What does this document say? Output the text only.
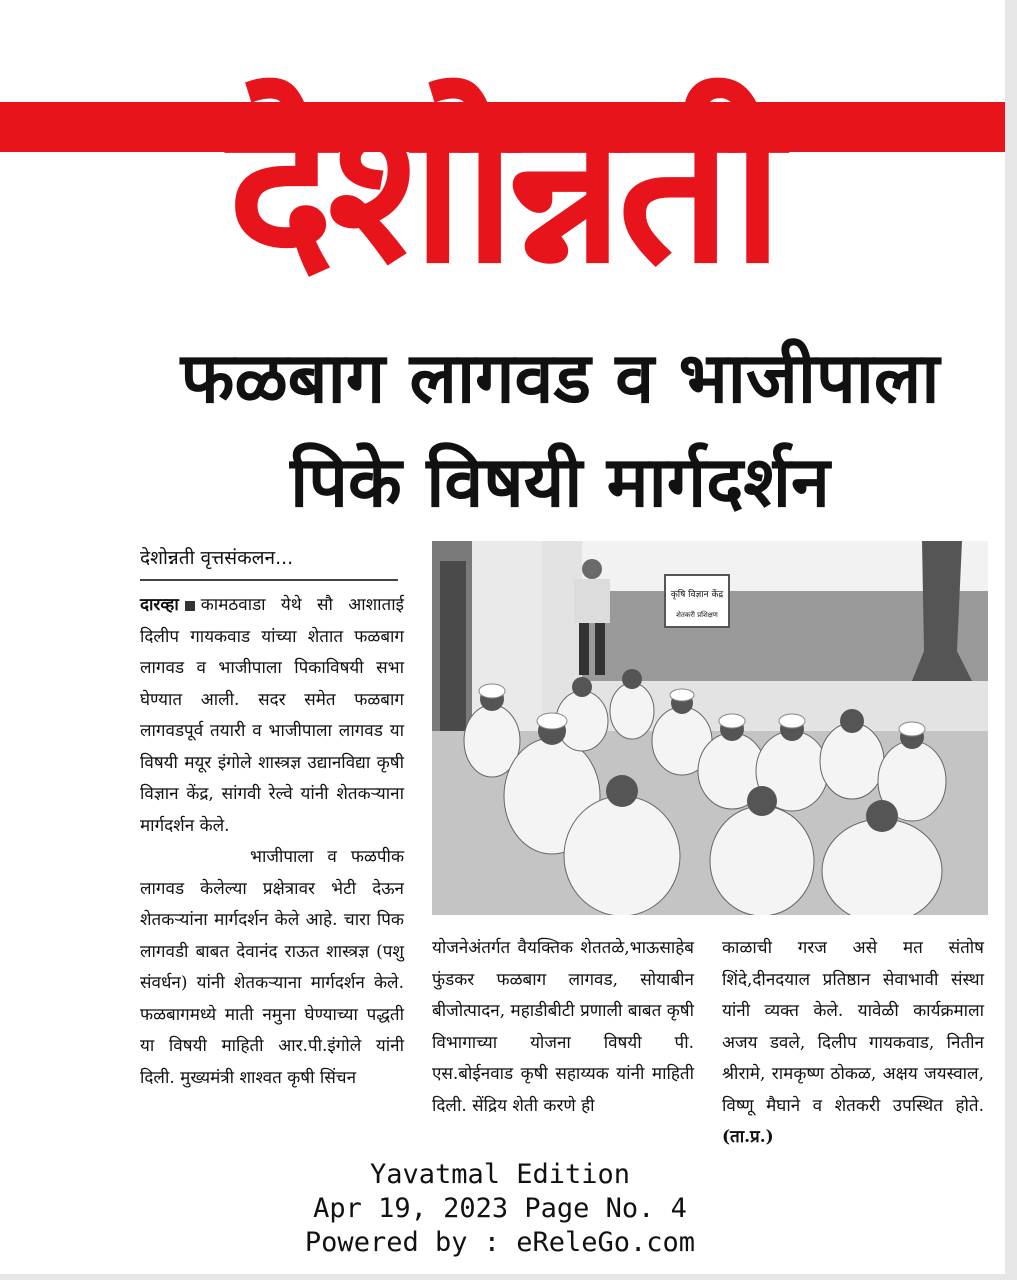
देशोन्नती
फळबाग लागवड व भाजीपाला
पिके विषयी मार्गदर्शन
देशोन्नती वृत्तसंकलन...

दारव्हा कामठवाडा येथे सौ आशाताई दिलीप गायकवाड यांच्या शेतात फळबाग लागवड व भाजीपाला पिकाविषयी सभा घेण्यात आली. सदर समेत फळबाग लागवडपूर्व तयारी व भाजीपाला लागवड या विषयी मयूर इंगोले शास्त्रज्ञ उद्यानविद्या कृषी विज्ञान केंद्र, सांगवी रेल्वे यांनी शेतकऱ्याना मार्गदर्शन केले.

भाजीपाला व फळपीक लागवड केलेल्या प्रक्षेत्रावर भेटी देऊन शेतकऱ्यांना मार्गदर्शन केले आहे. चारा पिक लागवडी बाबत देवानंद राऊत शास्त्रज्ञ (पशु संवर्धन) यांनी शेतकऱ्याना मार्गदर्शन केले. फळबागमध्ये माती नमुना घेण्याच्या पद्धती या विषयी माहिती आर.पी.इंगोले यांनी दिली. मुख्यमंत्री शाश्वत कृषी सिंचन

कृषि विज्ञान केंद्र
शेतकरी प्रशिक्षण

योजनेअंतर्गत वैयक्तिक शेततळे,भाऊसाहेब फुंडकर फळबाग लागवड, सोयाबीन बीजोत्पादन, महाडीबीटी प्रणाली बाबत कृषी विभागाच्या योजना विषयी पी. एस.बोईनवाड कृषी सहाय्यक यांनी माहिती दिली. सेंद्रिय शेती करणे ही

काळाची गरज असे मत संतोष शिंदे,दीनदयाल प्रतिष्ठान सेवाभावी संस्था यांनी व्यक्त केले. यावेळी कार्यक्रमाला अजय डवले, दिलीप गायकवाड, नितीन श्रीरामे, रामकृष्ण ठोकळ, अक्षय जयस्वाल, विष्णू मैघाने व शेतकरी उपस्थित होते. (ता.प्र.)

Yavatmal Edition
Apr 19, 2023 Page No. 4
Powered by : eReleGo.com
